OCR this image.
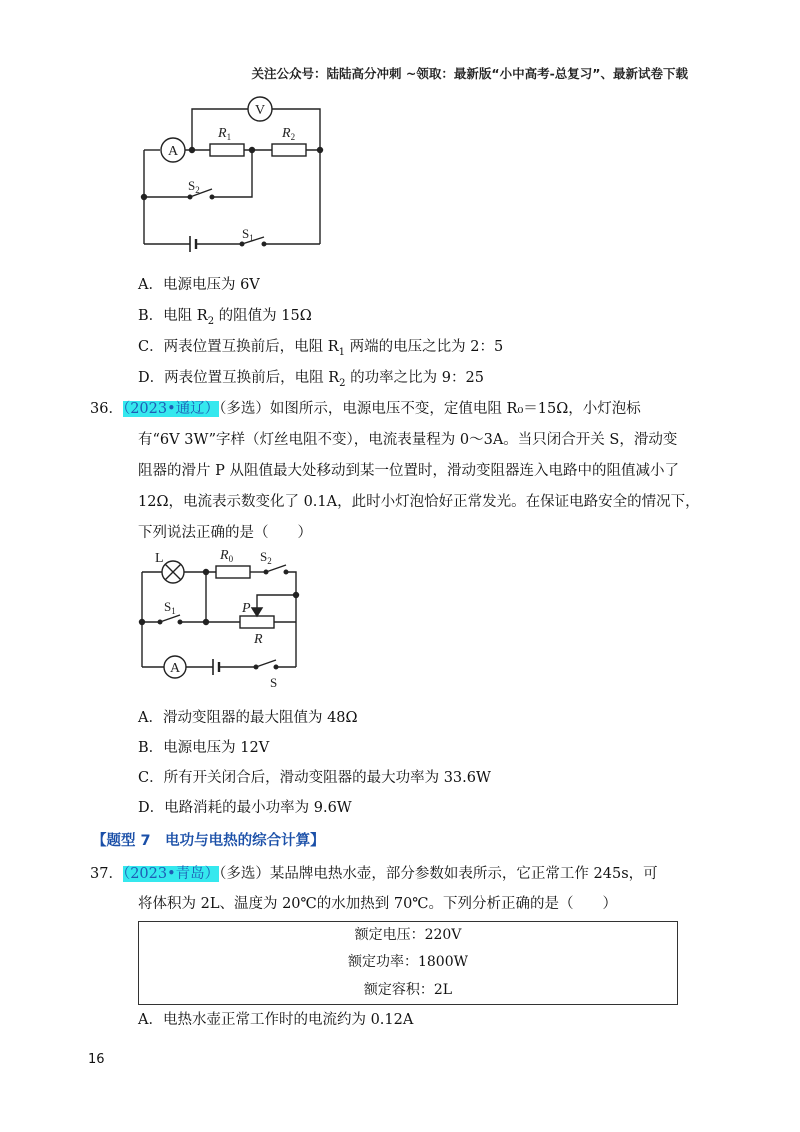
关注公众号：陆陆高分冲刺 ~领取：最新版“小中高考-总复习”、最新试卷下载
V
A
$R_1$	$R_2$
$S_2$
$S_1$
A．电源电压为 6V
B．电阻 $R_2$ 的阻值为 15Ω
C．两表位置互换前后，电阻 $R_1$ 两端的电压之比为 2：5
D．两表位置互换前后，电阻 $R_2$ 的功率之比为 9：25
36．（2023•通辽）（多选）如图所示，电源电压不变，定值电阻 R₀＝15Ω，小灯泡标
有“6V 3W”字样（灯丝电阻不变），电流表量程为 0～3A。当只闭合开关 S，滑动变
阻器的滑片 P 从阻值最大处移动到某一位置时，滑动变阻器连入电路中的阻值减小了
12Ω，电流表示数变化了 0.1A，此时小灯泡恰好正常发光。在保证电路安全的情况下，
下列说法正确的是（　　）
L	$R_0$ $S_2$
$S_1$	P
R
A
S
A．滑动变阻器的最大阻值为 48Ω
B．电源电压为 12V
C．所有开关闭合后，滑动变阻器的最大功率为 33.6W
D．电路消耗的最小功率为 9.6W
【题型 7　电功与电热的综合计算】
37．（2023•青岛）（多选）某品牌电热水壶，部分参数如表所示，它正常工作 245s，可
将体积为 2L、温度为 20℃的水加热到 70℃。下列分析正确的是（　　）
额定电压：220V
额定功率：1800W
额定容积：2L
A．电热水壶正常工作时的电流约为 0.12A
16
